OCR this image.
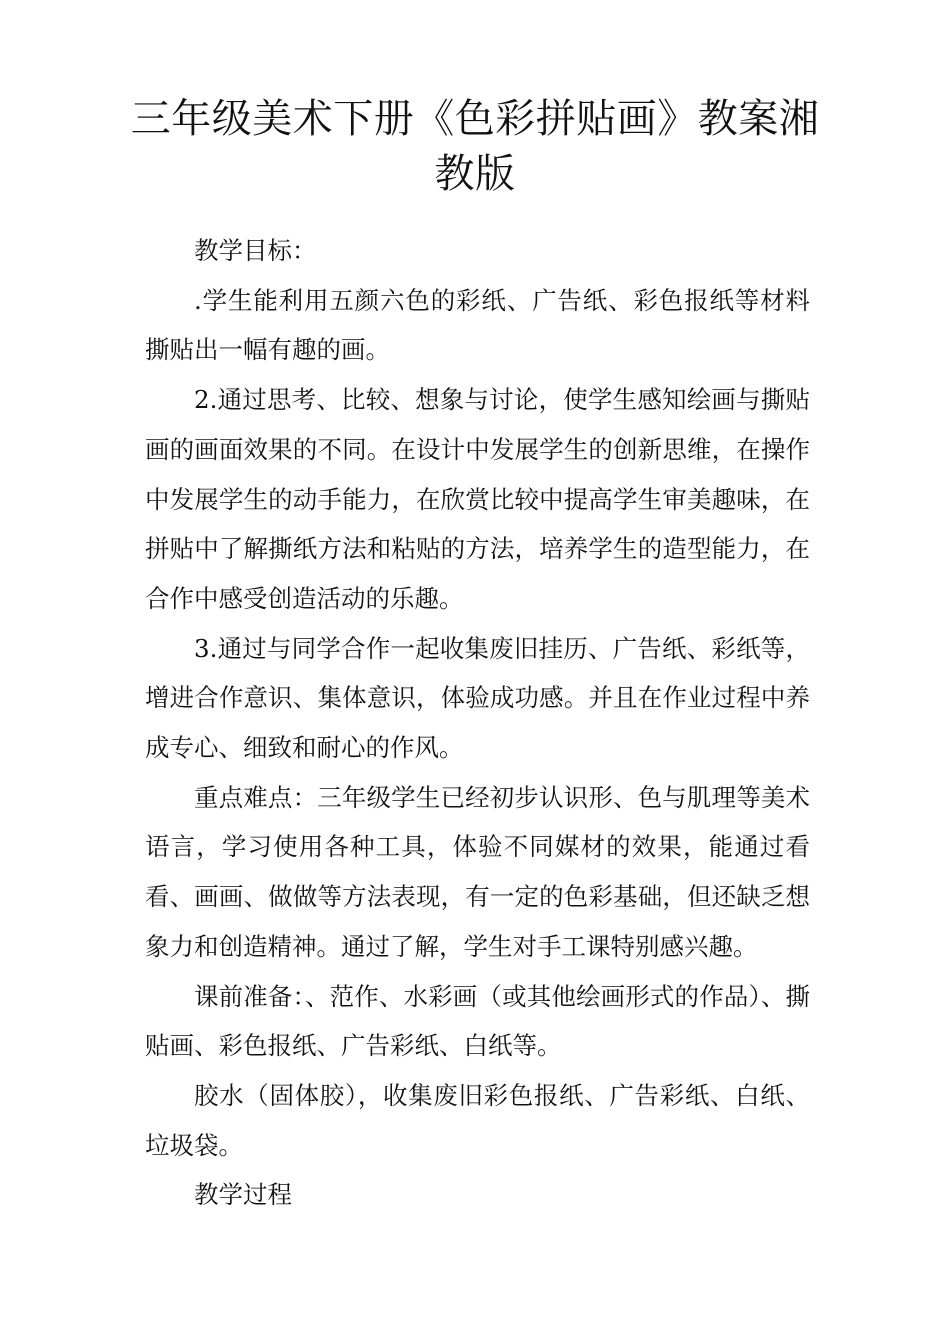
三年级美术下册《色彩拼贴画》教案湘教版

教学目标：

.学生能利用五颜六色的彩纸、广告纸、彩色报纸等材料撕贴出一幅有趣的画。

2.通过思考、比较、想象与讨论，使学生感知绘画与撕贴画的画面效果的不同。在设计中发展学生的创新思维，在操作中发展学生的动手能力，在欣赏比较中提高学生审美趣味，在拼贴中了解撕纸方法和粘贴的方法，培养学生的造型能力，在合作中感受创造活动的乐趣。

3.通过与同学合作一起收集废旧挂历、广告纸、彩纸等，增进合作意识、集体意识，体验成功感。并且在作业过程中养成专心、细致和耐心的作风。

重点难点：三年级学生已经初步认识形、色与肌理等美术语言，学习使用各种工具，体验不同媒材的效果，能通过看看、画画、做做等方法表现，有一定的色彩基础，但还缺乏想象力和创造精神。通过了解，学生对手工课特别感兴趣。

课前准备：、范作、水彩画（或其他绘画形式的作品）、撕贴画、彩色报纸、广告彩纸、白纸等。

胶水（固体胶），收集废旧彩色报纸、广告彩纸、白纸、垃圾袋。

教学过程
